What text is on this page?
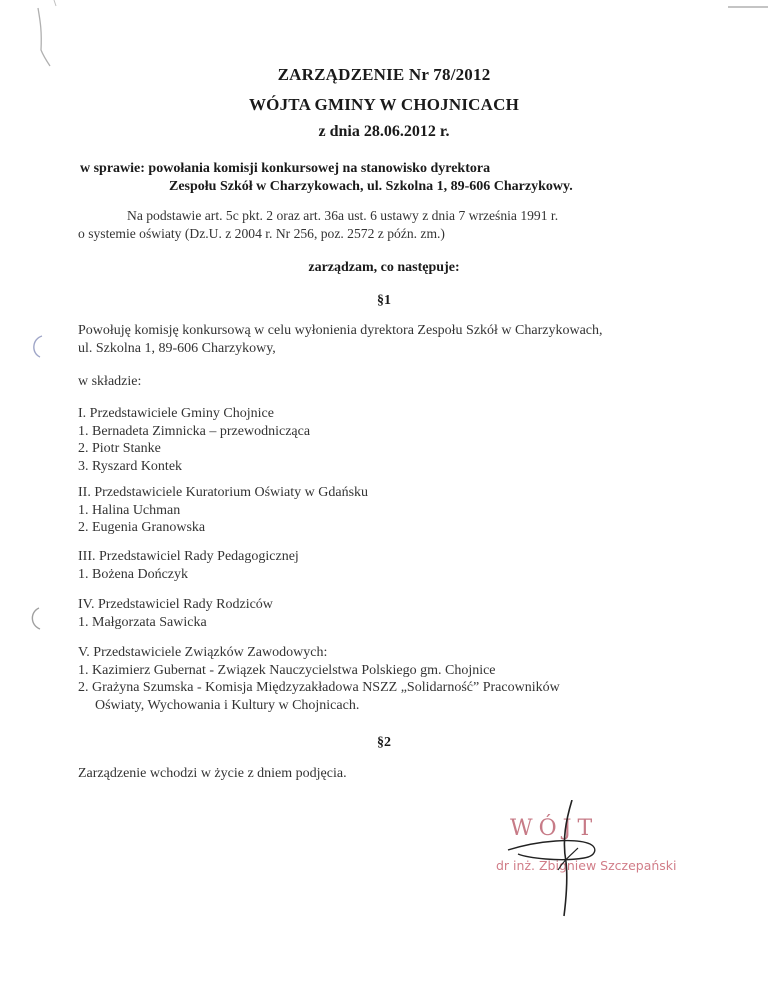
ZARZĄDZENIE Nr 78/2012
WÓJTA GMINY W CHOJNICACH
z dnia 28.06.2012 r.
w sprawie: powołania komisji konkursowej na stanowisko dyrektora
Zespołu Szkół w Charzykowach, ul. Szkolna 1, 89-606 Charzykowy.
Na podstawie art. 5c pkt. 2 oraz art. 36a ust. 6 ustawy z dnia 7 września 1991 r.
o systemie oświaty (Dz.U. z 2004 r. Nr 256, poz. 2572 z późn. zm.)
zarządzam, co następuje:
§1
Powołuję komisję konkursową w celu wyłonienia dyrektora Zespołu Szkół w Charzykowach,
ul. Szkolna 1, 89-606 Charzykowy,
w składzie:
I. Przedstawiciele Gminy Chojnice
1. Bernadeta Zimnicka – przewodnicząca
2. Piotr Stanke
3. Ryszard Kontek
II. Przedstawiciele Kuratorium Oświaty w Gdańsku
1. Halina Uchman
2. Eugenia Granowska
III. Przedstawiciel Rady Pedagogicznej
1. Bożena Dończyk
IV. Przedstawiciel Rady Rodziców
1. Małgorzata Sawicka
V. Przedstawiciele Związków Zawodowych:
1. Kazimierz Gubernat - Związek Nauczycielstwa Polskiego gm. Chojnice
2. Grażyna Szumska - Komisja Międzyzakładowa NSZZ „Solidarność” Pracowników
Oświaty, Wychowania i Kultury w Chojnicach.
§2
Zarządzenie wchodzi w życie z dniem podjęcia.
WÓJT
dr inż. Zbigniew Szczepański
